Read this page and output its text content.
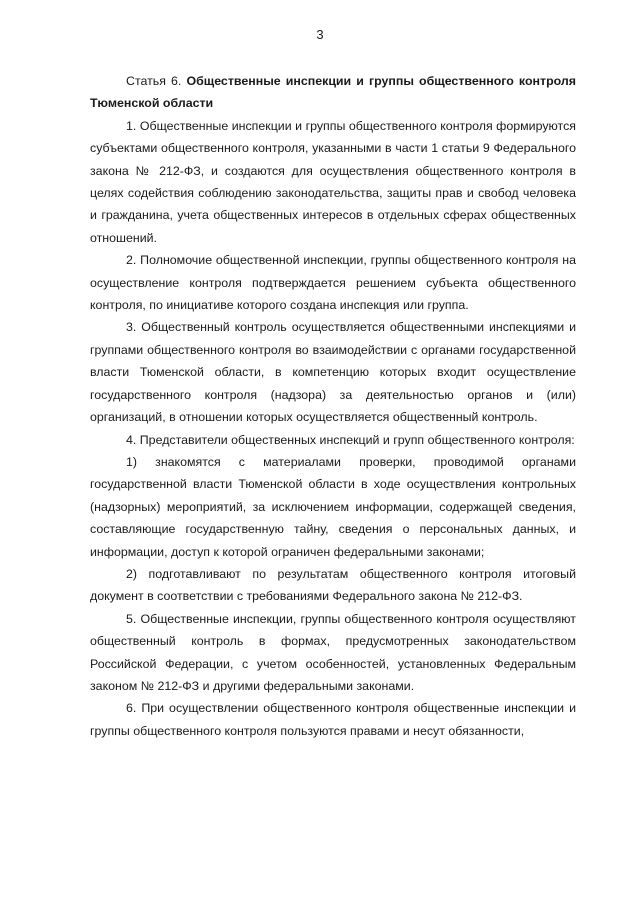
3

Статья 6. Общественные инспекции и группы общественного контроля Тюменской области

1. Общественные инспекции и группы общественного контроля формируются субъектами общественного контроля, указанными в части 1 статьи 9 Федерального закона № 212-ФЗ, и создаются для осуществления общественного контроля в целях содействия соблюдению законодательства, защиты прав и свобод человека и гражданина, учета общественных интересов в отдельных сферах общественных отношений.

2. Полномочие общественной инспекции, группы общественного контроля на осуществление контроля подтверждается решением субъекта общественного контроля, по инициативе которого создана инспекция или группа.

3. Общественный контроль осуществляется общественными инспекциями и группами общественного контроля во взаимодействии с органами государственной власти Тюменской области, в компетенцию которых входит осуществление государственного контроля (надзора) за деятельностью органов и (или) организаций, в отношении которых осуществляется общественный контроль.

4. Представители общественных инспекций и групп общественного контроля:

1) знакомятся с материалами проверки, проводимой органами государственной власти Тюменской области в ходе осуществления контрольных (надзорных) мероприятий, за исключением информации, содержащей сведения, составляющие государственную тайну, сведения о персональных данных, и информации, доступ к которой ограничен федеральными законами;

2) подготавливают по результатам общественного контроля итоговый документ в соответствии с требованиями Федерального закона № 212-ФЗ.

5. Общественные инспекции, группы общественного контроля осуществляют общественный контроль в формах, предусмотренных законодательством Российской Федерации, с учетом особенностей, установленных Федеральным законом № 212-ФЗ и другими федеральными законами.

6. При осуществлении общественного контроля общественные инспекции и группы общественного контроля пользуются правами и несут обязанности,
